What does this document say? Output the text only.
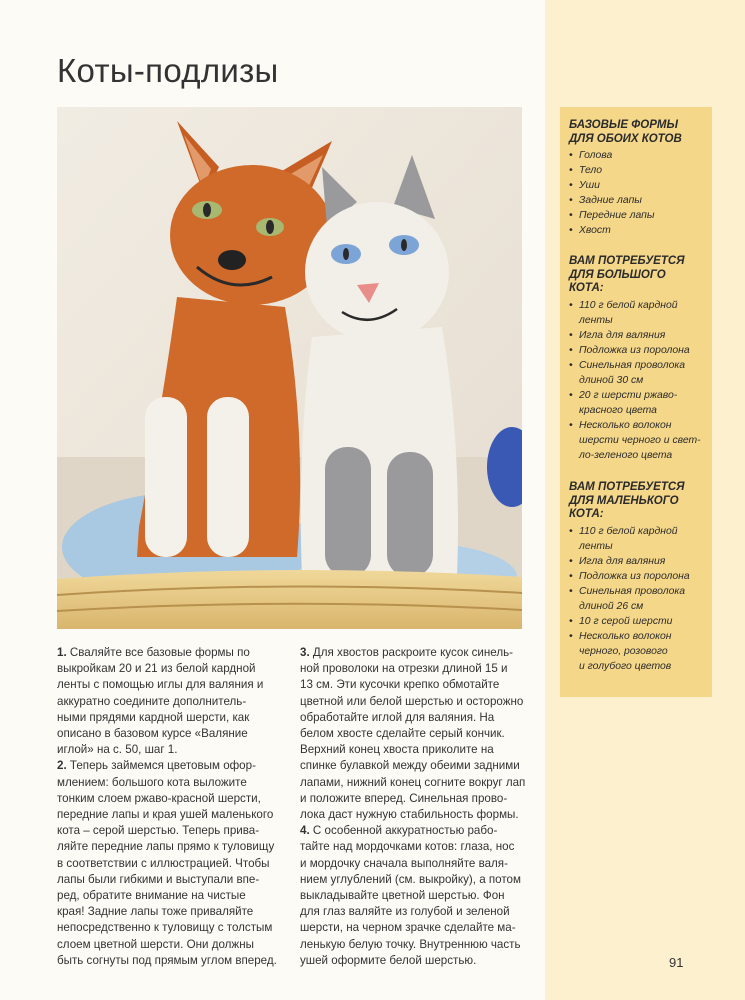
Коты-подлизы
БАЗОВЫЕ ФОРМЫ
ДЛЯ ОБОИХ КОТОВ
• Голова
• Тело
• Уши
• Задние лапы
• Передние лапы
• Хвост
ВАМ ПОТРЕБУЕТСЯ
ДЛЯ БОЛЬШОГО
КОТА:
• 110 г белой кардной
ленты
• Игла для валяния
• Подложка из поролона
• Синельная проволока
длиной 30 см
• 20 г шерсти ржаво-
красного цвета
• Несколько волокон
шерсти черного и свет-
ло-зеленого цвета
ВАМ ПОТРЕБУЕТСЯ
ДЛЯ МАЛЕНЬКОГО
КОТА:
• 110 г белой кардной
ленты
• Игла для валяния
• Подложка из поролона
• Синельная проволока
длиной 26 см
• 10 г серой шерсти
• Несколько волокон
черного, розового
и голубого цветов

1. Сваляйте все базовые формы по
выкройкам 20 и 21 из белой кардной
ленты с помощью иглы для валяния и
аккуратно соедините дополнитель-
ными прядями кардной шерсти, как
описано в базовом курсе «Валяние
иглой» на с. 50, шаг 1.

2. Теперь займемся цветовым офор-
млением: большого кота выложите
тонким слоем ржаво-красной шерсти,
передние лапы и края ушей маленького
кота – серой шерстью. Теперь прива-
ляйте передние лапы прямо к туловищу
в соответствии с иллюстрацией. Чтобы
лапы были гибкими и выступали впе-
ред, обратите внимание на чистые
края! Задние лапы тоже приваляйте
непосредственно к туловищу с толстым
слоем цветной шерсти. Они должны
быть согнуты под прямым углом вперед.

3. Для хвостов раскроите кусок синель-
ной проволоки на отрезки длиной 15 и
13 см. Эти кусочки крепко обмотайте
цветной или белой шерстью и осторожно
обработайте иглой для валяния. На
белом хвосте сделайте серый кончик.
Верхний конец хвоста приколите на
спинке булавкой между обеими задними
лапами, нижний конец согните вокруг лап
и положите вперед. Синельная прово-
лока даст нужную стабильность формы.

4. С особенной аккуратностью рабо-
тайте над мордочками котов: глаза, нос
и мордочку сначала выполняйте валя-
нием углублений (см. выкройку), а потом
выкладывайте цветной шерстью. Фон
для глаз валяйте из голубой и зеленой
шерсти, на черном зрачке сделайте ма-
ленькую белую точку. Внутреннюю часть
ушей оформите белой шерстью.	91
